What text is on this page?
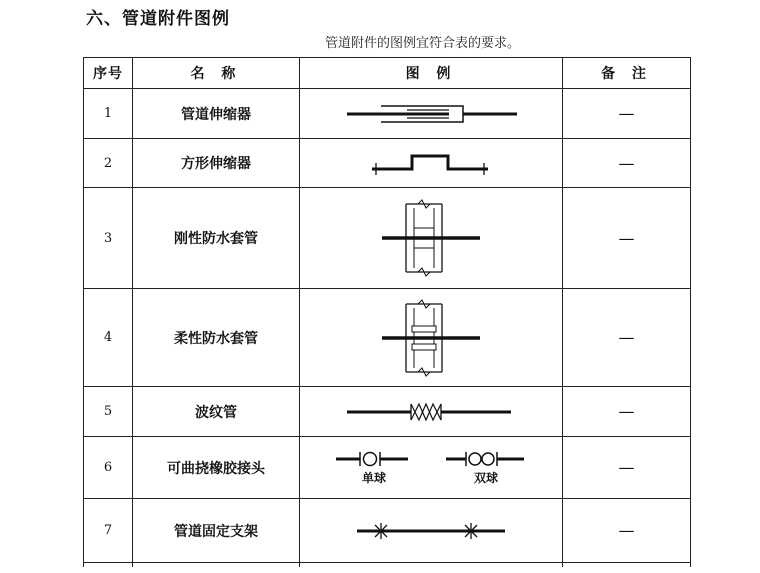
六、管道附件图例
管道附件的图例宜符合表的要求。
序号	名 称	图 例	备 注
1	管道伸缩器		—
2	方形伸缩器		—
3	刚性防水套管		—
4	柔性防水套管		—
5	波纹管		—
6	可曲挠橡胶接头	单球 双球	—
7	管道固定支架		—
